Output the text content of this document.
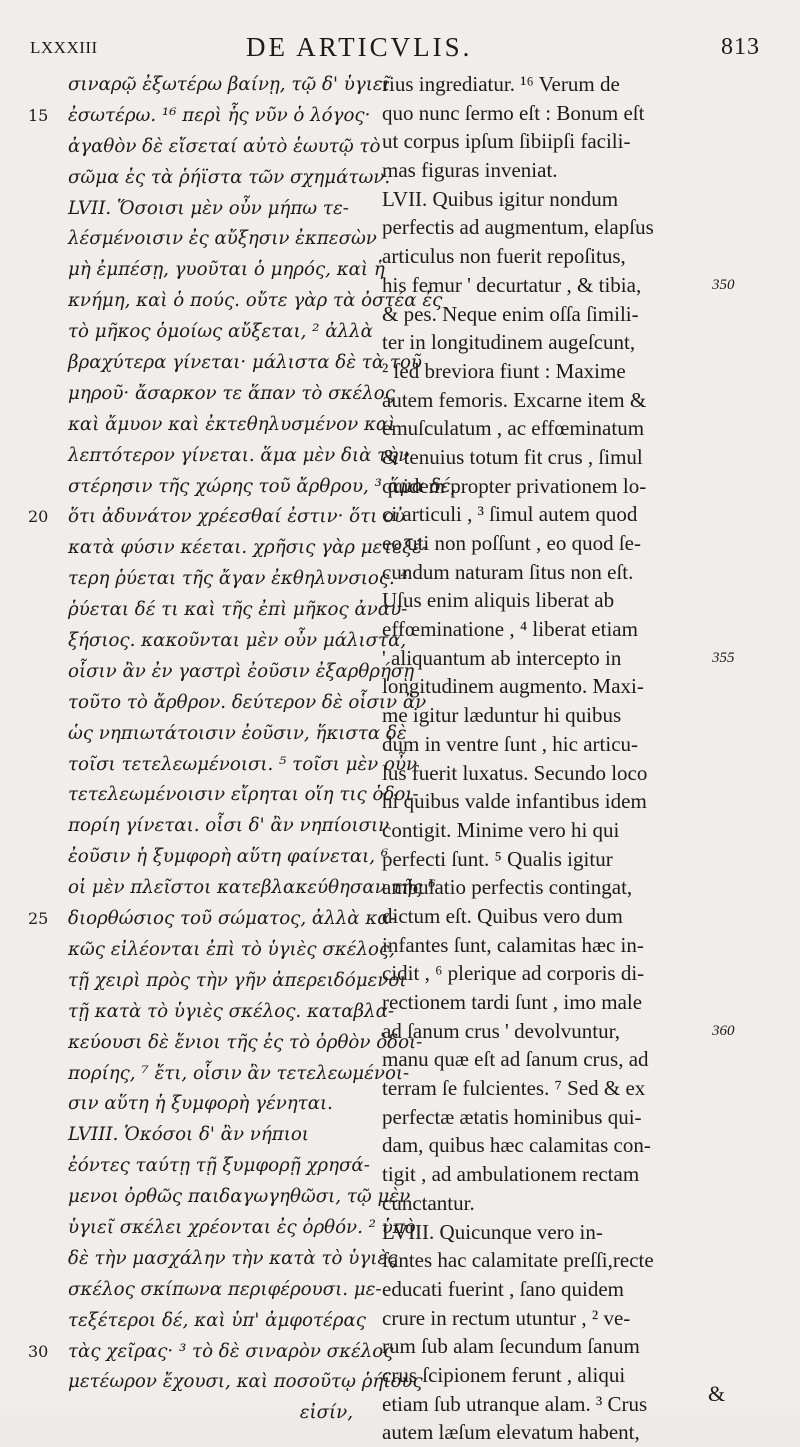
LXXXIII	DE ARTICVLIS.	813
σιναρῷ ἐξωτέρω βαίνῃ, τῷ δ' ὑγιεῖ
15 ἐσωτέρω. ¹⁶ περὶ ἧς νῦν ὁ λόγος·
ἀγαθὸν δὲ εἴσεταί αὐτὸ ἑωυτῷ τὸ
σῶμα ἐς τὰ ῥήϊστα τῶν σχημάτων.
LVII. Ὅσοισι μὲν οὖν μήπω τε-
λέσμένοισιν ἐς αὔξησιν ἐκπεσὼν
μὴ ἐμπέσῃ, γυοῦται ὁ μηρός, καὶ ἡ
κνήμη, καὶ ὁ πούς. οὔτε γὰρ τὰ ὀστέα ἐς
τὸ μῆκος ὁμοίως αὔξεται, ² ἀλλὰ
βραχύτερα γίνεται· μάλιστα δὲ τὰ τοῦ
μηροῦ· ἄσαρκον τε ἅπαν τὸ σκέλος
καὶ ἄμυον καὶ ἐκτεθηλυσμένον καὶ
λεπτότερον γίνεται. ἅμα μὲν διὰ τὴν
στέρησιν τῆς χώρης τοῦ ἄρθρου, ³ ἅμα δέ,
20 ὅτι ἀδυνάτον χρέεσθαί ἐστιν· ὅτι οὐ
κατὰ φύσιν κέεται. χρῆσις γὰρ μετεξέ-
τερη ῥύεται τῆς ἄγαν ἐκθηλυνσιος. ⁴
ῥύεται δέ τι καὶ τῆς ἐπὶ μῆκος ἀναυ-
ξήσιος. κακοῦνται μὲν οὖν μάλιστα,
οἷσιν ἂν ἐν γαστρὶ ἐοῦσιν ἐξαρθρήσῃ
τοῦτο τὸ ἄρθρον. δεύτερον δὲ οἷσιν ἂν
ὡς νηπιωτάτοισιν ἐοῦσιν, ἥκιστα δὲ
τοῖσι τετελεωμένοισι. ⁵ τοῖσι μὲν οὖν
τετελεωμένοισιν εἴρηται οἵη τις ὁδοι-
πορίη γίνεται. οἷσι δ' ἂν νηπίοισιν
ἐοῦσιν ἡ ξυμφορὴ αὕτη φαίνεται, ⁶
οἱ μὲν πλεῖστοι κατεβλακεύθησαν τῆς ⁶
25 διορθώσιος τοῦ σώματος, ἀλλὰ κα-
κῶς εἰλέονται ἐπὶ τὸ ὑγιὲς σκέλος,
τῇ χειρὶ πρὸς τὴν γῆν ἀπερειδόμενοι
τῇ κατὰ τὸ ὑγιὲς σκέλος. καταβλα-
κεύουσι δὲ ἔνιοι τῆς ἐς τὸ ὀρθὸν ὁδοι-
πορίης, ⁷ ἔτι, οἷσιν ἂν τετελεωμένοι-
σιν αὕτη ἡ ξυμφορὴ γένηται.
LVIII. Ὁκόσοι δ' ἂν νήπιοι
ἐόντες ταύτῃ τῇ ξυμφορῇ χρησά-
μενοι ὀρθῶς παιδαγωγηθῶσι, τῷ μὲν
ὑγιεῖ σκέλει χρέονται ἐς ὀρθόν. ² ὑπὸ
δὲ τὴν μασχάλην τὴν κατὰ τὸ ὑγιὲς
σκέλος σκίπωνα περιφέρουσι. με-
τεξέτεροι δέ, καὶ ὑπ' ἀμφοτέρας
30 τὰς χεῖρας· ³ τὸ δὲ σιναρὸν σκέλος
μετέωρον ἔχουσι, καὶ ποσοῦτῳ ῥήϊους
εἰσίν,
rius ingrediatur. ¹⁶ Verum de
quo nunc ſermo eſt : Bonum eſt
ut corpus ipſum ſibiipſi facili-
mas figuras inveniat.
LVII. Quibus igitur nondum
perfectis ad augmentum, elapſus
articulus non fuerit repoſitus,
his femur ' decurtatur , & tibia,	350
& pes. Neque enim oſſa ſimili-
ter in longitudinem augeſcunt,
² ſed breviora fiunt : Maxime
autem femoris. Excarne item &
emuſculatum , ac effœminatum
& tenuius totum fit crus , ſimul
quidem propter privationem lo-
ci articuli , ³ ſimul autem quod
eo uti non poſſunt , eo quod ſe-
cundum naturam ſitus non eſt.
Uſus enim aliquis liberat ab
effœminatione , ⁴ liberat etiam
' aliquantum ab intercepto in	355
longitudinem augmento. Maxi-
me igitur læduntur hi quibus
dum in ventre ſunt , hic articu-
lus fuerit luxatus. Secundo loco
hi quibus valde infantibus idem
contigit. Minime vero hi qui
perfecti ſunt. ⁵ Qualis igitur
ambulatio perfectis contingat,
dictum eſt. Quibus vero dum
infantes ſunt, calamitas hæc in-
cidit , ⁶ plerique ad corporis di-
rectionem tardi ſunt , imo male
ad ſanum crus ' devolvuntur,	360
manu quæ eſt ad ſanum crus, ad
terram ſe fulcientes. ⁷ Sed & ex
perfectæ ætatis hominibus qui-
dam, quibus hæc calamitas con-
tigit , ad ambulationem rectam
cunctantur.
LVIII. Quicunque vero in-
fantes hac calamitate preſſi,recte
educati fuerint , ſano quidem
crure in rectum utuntur , ² ve-
rum ſub alam ſecundum ſanum
crus ſcipionem ferunt , aliqui
etiam ſub utranque alam. ³ Crus
autem læſum elevatum habent,
&
